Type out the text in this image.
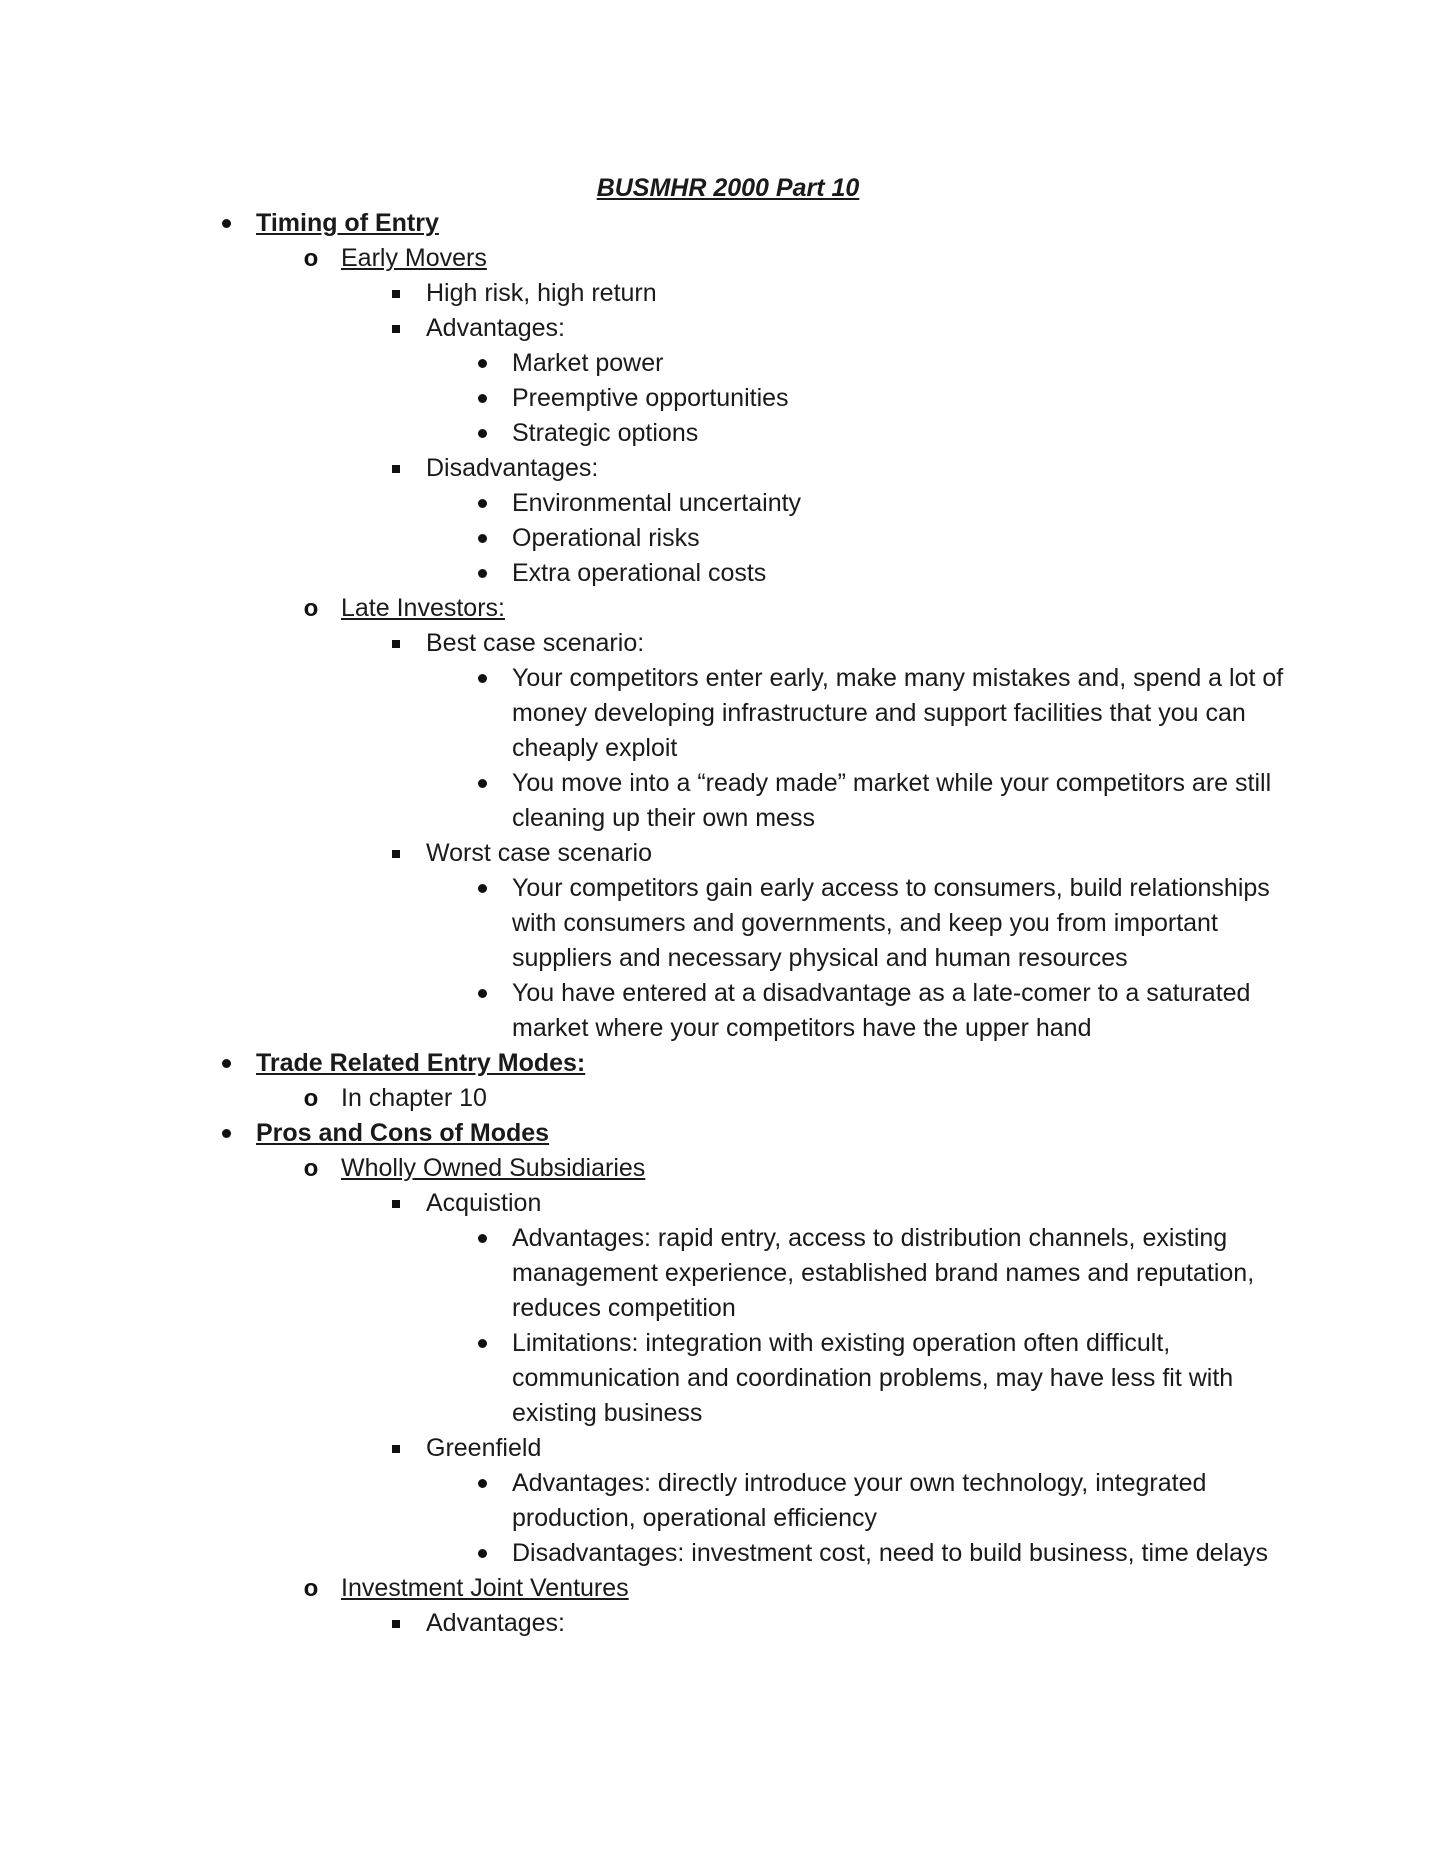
BUSMHR 2000 Part 10
Timing of Entry
o Early Movers
High risk, high return
Advantages:
Market power
Preemptive opportunities
Strategic options
Disadvantages:
Environmental uncertainty
Operational risks
Extra operational costs
o Late Investors:
Best case scenario:
Your competitors enter early, make many mistakes and, spend a lot of money developing infrastructure and support facilities that you can cheaply exploit
You move into a “ready made” market while your competitors are still cleaning up their own mess
Worst case scenario
Your competitors gain early access to consumers, build relationships with consumers and governments, and keep you from important suppliers and necessary physical and human resources
You have entered at a disadvantage as a late-comer to a saturated market where your competitors have the upper hand
Trade Related Entry Modes:
o In chapter 10
Pros and Cons of Modes
o Wholly Owned Subsidiaries
Acquistion
Advantages: rapid entry, access to distribution channels, existing management experience, established brand names and reputation, reduces competition
Limitations: integration with existing operation often difficult, communication and coordination problems, may have less fit with existing business
Greenfield
Advantages: directly introduce your own technology, integrated production, operational efficiency
Disadvantages: investment cost, need to build business, time delays
o Investment Joint Ventures
Advantages:
